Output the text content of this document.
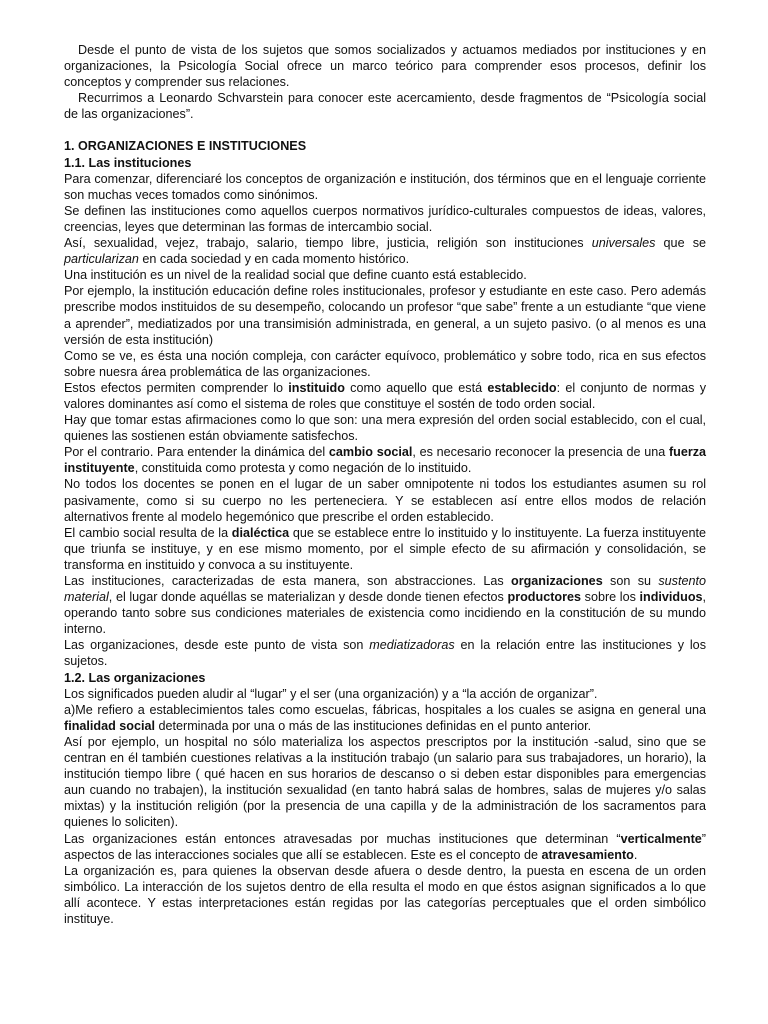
Desde el punto de vista de los sujetos que somos socializados y actuamos mediados por instituciones y en organizaciones, la Psicología Social ofrece un marco teórico para comprender esos procesos, definir los conceptos y comprender sus relaciones.

Recurrimos a Leonardo Schvarstein para conocer este acercamiento, desde fragmentos de “Psicología social de las organizaciones”.

1. ORGANIZACIONES E INSTITUCIONES

1.1. Las instituciones

Para comenzar, diferenciaré los conceptos de organización e institución, dos términos que en el lenguaje corriente son muchas veces tomados como sinónimos.

Se definen las instituciones como aquellos cuerpos normativos jurídico-culturales compuestos de ideas, valores, creencias, leyes que determinan las formas de intercambio social.

Así, sexualidad, vejez, trabajo, salario, tiempo libre, justicia, religión son instituciones universales que se particularizan en cada sociedad y en cada momento histórico.

Una institución es un nivel de la realidad social que define cuanto está establecido.

Por ejemplo, la institución educación define roles institucionales, profesor y estudiante en este caso. Pero además prescribe modos instituidos de su desempeño, colocando un profesor “que sabe” frente a un estudiante “que viene a aprender”, mediatizados por una transimisión administrada, en general, a un sujeto pasivo. (o al menos es una versión de esta institución)

Como se ve, es ésta una noción compleja, con carácter equívoco, problemático y sobre todo, rica en sus efectos sobre nuesra área problemática de las organizaciones.

Estos efectos permiten comprender lo instituido como aquello que está establecido: el conjunto de normas y valores dominantes así como el sistema de roles que constituye el sostén de todo orden social.

Hay que tomar estas afirmaciones como lo que son: una mera expresión del orden social establecido, con el cual, quienes las sostienen están obviamente satisfechos.

Por el contrario. Para entender la dinámica del cambio social, es necesario reconocer la presencia de una fuerza instituyente, constituida como protesta y como negación de lo instituido.

No todos los docentes se ponen en el lugar de un saber omnipotente ni todos los estudiantes asumen su rol pasivamente, como si su cuerpo no les perteneciera. Y se establecen así entre ellos modos de relación alternativos frente al modelo hegemónico que prescribe el orden establecido.

El cambio social resulta de la dialéctica que se establece entre lo instituido y lo instituyente. La fuerza instituyente que triunfa se instituye, y en ese mismo momento, por el simple efecto de su afirmación y consolidación, se transforma en instituido y convoca a su instituyente.

Las instituciones, caracterizadas de esta manera, son abstracciones. Las organizaciones son su sustento material, el lugar donde aquéllas se materializan y desde donde tienen efectos productores sobre los individuos, operando tanto sobre sus condiciones materiales de existencia como incidiendo en la constitución de su mundo interno.

Las organizaciones, desde este punto de vista son mediatizadoras en la relación entre las instituciones y los sujetos.

1.2. Las organizaciones

Los significados pueden aludir al “lugar” y el ser (una organización) y a “la acción de organizar”.

a)Me refiero a establecimientos tales como escuelas, fábricas, hospitales a los cuales se asigna en general una finalidad social determinada por una o más de las instituciones definidas en el punto anterior.

Así por ejemplo, un hospital no sólo materializa los aspectos prescriptos por la institución -salud, sino que se centran en él también cuestiones relativas a la institución trabajo (un salario para sus trabajadores, un horario), la institución tiempo libre ( qué hacen en sus horarios de descanso o si deben estar disponibles para emergencias aun cuando no trabajen), la institución sexualidad (en tanto habrá salas de hombres, salas de mujeres y/o salas mixtas) y la institución religión (por la presencia de una capilla y de la administración de los sacramentos para quienes lo soliciten).

Las organizaciones están entonces atravesadas por muchas instituciones que determinan “verticalmente” aspectos de las interacciones sociales que allí se establecen. Este es el concepto de atravesamiento.

La organización es, para quienes la observan desde afuera o desde dentro, la puesta en escena de un orden simbólico. La interacción de los sujetos dentro de ella resulta el modo en que éstos asignan significados a lo que allí acontece. Y estas interpretaciones están regidas por las categorías perceptuales que el orden simbólico instituye.
